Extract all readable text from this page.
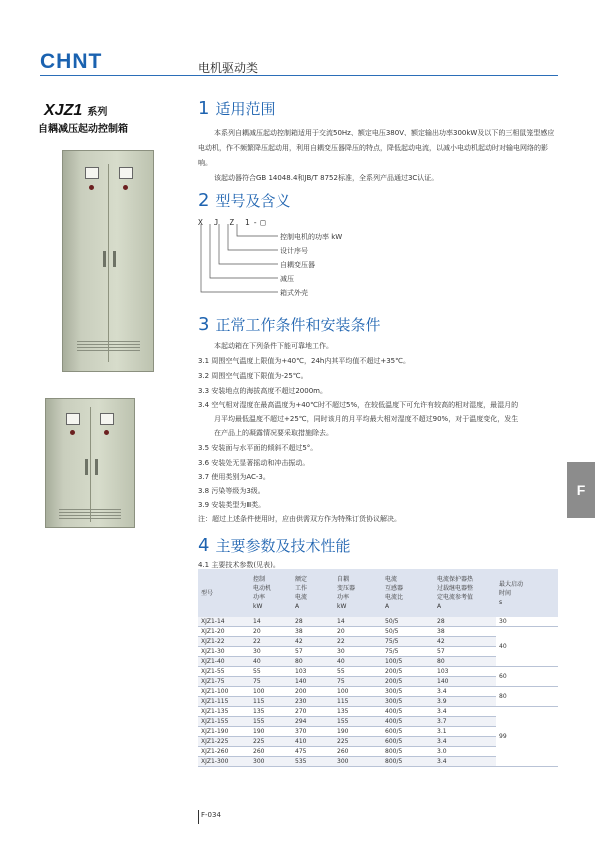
CHNT	电机驱动类
XJZ1 系列
自耦减压起动控制箱
1 适用范围
本系列自耦减压起动控制箱适用于交流50Hz、额定电压380V、额定输出功率300kW及以下的三相鼠笼型感应电动机，作不频繁降压起动用，利用自耦变压器降压的特点，降低起动电流，以减小电动机起动时对输电网络的影响。
该起动器符合GB 14048.4和JB/T 8752标准，全系列产品通过3C认证。
2 型号及含义
X J Z 1-□
控制电机的功率 kW
设计序号
自耦变压器
减压
箱式外壳
3 正常工作条件和安装条件
本起动箱在下列条件下能可靠地工作。
3.1 周围空气温度上限值为+40℃，24h内其平均值不超过+35℃。
3.2 周围空气温度下限值为-25℃。
3.3 安装地点的海拔高度不超过2000m。
3.4 空气相对湿度在最高温度为+40℃时不超过5%，在较低温度下可允许有较高的相对湿度，最湿月的
月平均最低温度不超过+25℃，同时该月的月平均最大相对湿度不超过90%，对于温度变化，发生
在产品上的凝露情况要采取措施除去。
3.5 安装面与水平面的倾斜不超过5°。
3.6 安装处无显著摇动和冲击振动。
3.7 使用类别为AC-3。
3.8 污染等级为3级。
3.9 安装类型为Ⅲ类。
注：超过上述条件使用时，应由供需双方作为特殊订货协议解决。
F
4 主要参数及技术性能
4.1 主要技术参数(见表)。
型号	控制
电动机
功率
kW	额定
工作
电流
A	自耦
变压器
功率
kW	电流
互感器
电流比
A	电流保护器热
过载继电器整
定电流参考值
A	最大启动
时间
s
XJZ1-14	14	28	14	50/5	28	30
XJZ1-20	20	38	20	50/5	38	40
XJZ1-22	22	42	22	75/5	42	
XJZ1-30	30	57	30	75/5	57	
XJZ1-40	40	80	40	100/5	80	
XJZ1-55	55	103	55	200/5	103	60
XJZ1-75	75	140	75	200/5	140	
XJZ1-100	100	200	100	300/5	3.4	80
XJZ1-115	115	230	115	300/5	3.9	
XJZ1-135	135	270	135	400/5	3.4	99
XJZ1-155	155	294	155	400/5	3.7	
XJZ1-190	190	370	190	600/5	3.1	
XJZ1-225	225	410	225	600/5	3.4	
XJZ1-260	260	475	260	800/5	3.0	
XJZ1-300	300	535	300	800/5	3.4	
F-034
